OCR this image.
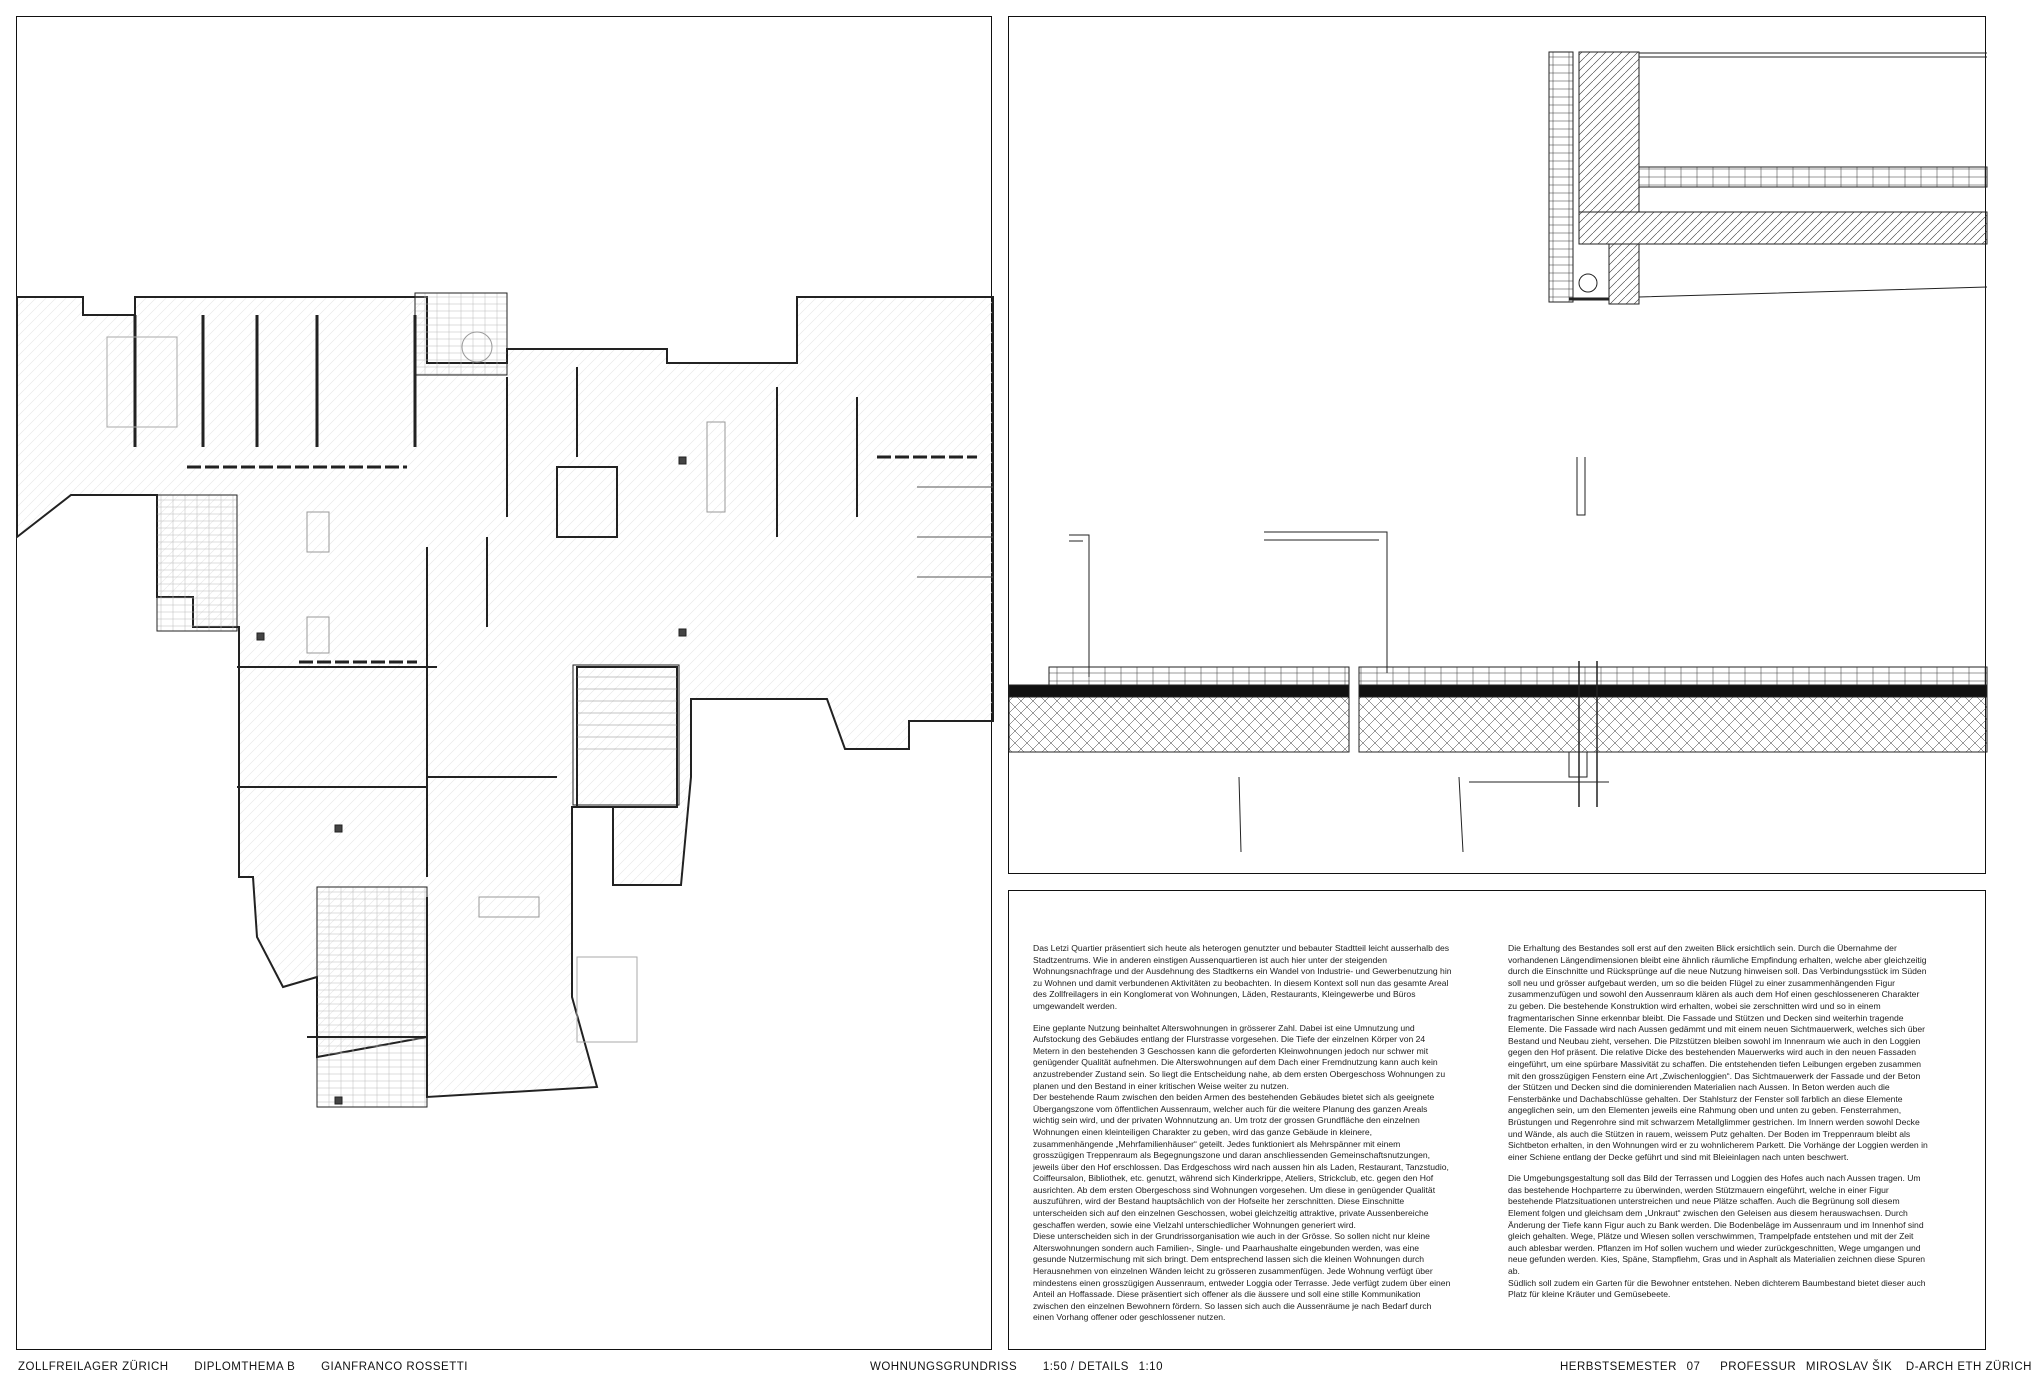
Das Letzi Quartier präsentiert sich heute als heterogen genutzter und bebauter Stadtteil leicht ausserhalb des Stadtzentrums. Wie in anderen einstigen Aussenquartieren ist auch hier unter der steigenden Wohnungsnachfrage und der Ausdehnung des Stadtkerns ein Wandel von Industrie- und Gewerbenutzung hin zu Wohnen und damit verbundenen Aktivitäten zu beobachten. In diesem Kontext soll nun das gesamte Areal des Zollfreilagers in ein Konglomerat von Wohnungen, Läden, Restaurants, Kleingewerbe und Büros umgewandelt werden.

Eine geplante Nutzung beinhaltet Alterswohnungen in grösserer Zahl. Dabei ist eine Umnutzung und Aufstockung des Gebäudes entlang der Flurstrasse vorgesehen. Die Tiefe der einzelnen Körper von 24 Metern in den bestehenden 3 Geschossen kann die geforderten Kleinwohnungen jedoch nur schwer mit genügender Qualität aufnehmen. Die Alterswohnungen auf dem Dach einer Fremdnutzung kann auch kein anzustrebender Zustand sein. So liegt die Entscheidung nahe, ab dem ersten Obergeschoss Wohnungen zu planen und den Bestand in einer kritischen Weise weiter zu nutzen.
Der bestehende Raum zwischen den beiden Armen des bestehenden Gebäudes bietet sich als geeignete Übergangszone vom öffentlichen Aussenraum, welcher auch für die weitere Planung des ganzen Areals wichtig sein wird, und der privaten Wohnnutzung an. Um trotz der grossen Grundfläche den einzelnen Wohnungen einen kleinteiligen Charakter zu geben, wird das ganze Gebäude in kleinere, zusammenhängende „Mehrfamilienhäuser“ geteilt. Jedes funktioniert als Mehrspänner mit einem grosszügigen Treppenraum als Begegnungszone und daran anschliessenden Gemeinschaftsnutzungen, jeweils über den Hof erschlossen. Das Erdgeschoss wird nach aussen hin als Laden, Restaurant, Tanzstudio, Coiffeursalon, Bibliothek, etc. genutzt, während sich Kinderkrippe, Ateliers, Strickclub, etc. gegen den Hof ausrichten. Ab dem ersten Obergeschoss sind Wohnungen vorgesehen. Um diese in genügender Qualität auszuführen, wird der Bestand hauptsächlich von der Hofseite her zerschnitten. Diese Einschnitte unterscheiden sich auf den einzelnen Geschossen, wobei gleichzeitig attraktive, private Aussenbereiche geschaffen werden, sowie eine Vielzahl unterschiedlicher Wohnungen generiert wird.
Diese unterscheiden sich in der Grundrissorganisation wie auch in der Grösse. So sollen nicht nur kleine Alterswohnungen sondern auch Familien-, Single- und Paarhaushalte eingebunden werden, was eine gesunde Nutzermischung mit sich bringt. Dem entsprechend lassen sich die kleinen Wohnungen durch Herausnehmen von einzelnen Wänden leicht zu grösseren zusammenfügen. Jede Wohnung verfügt über mindestens einen grosszügigen Aussenraum, entweder Loggia oder Terrasse. Jede verfügt zudem über einen Anteil an Hoffassade. Diese präsentiert sich offener als die äussere und soll eine stille Kommunikation zwischen den einzelnen Bewohnern fördern. So lassen sich auch die Aussenräume je nach Bedarf durch einen Vorhang offener oder geschlossener nutzen.

Die Erhaltung des Bestandes soll erst auf den zweiten Blick ersichtlich sein. Durch die Übernahme der vorhandenen Längendimensionen bleibt eine ähnlich räumliche Empfindung erhalten, welche aber gleichzeitig durch die Einschnitte und Rücksprünge auf die neue Nutzung hinweisen soll. Das Verbindungsstück im Süden soll neu und grösser aufgebaut werden, um so die beiden Flügel zu einer zusammenhängenden Figur zusammenzufügen und sowohl den Aussenraum klären als auch dem Hof einen geschlosseneren Charakter zu geben. Die bestehende Konstruktion wird erhalten, wobei sie zerschnitten wird und so in einem fragmentarischen Sinne erkennbar bleibt. Die Fassade und Stützen und Decken sind weiterhin tragende Elemente. Die Fassade wird nach Aussen gedämmt und mit einem neuen Sichtmauerwerk, welches sich über Bestand und Neubau zieht, versehen. Die Pilzstützen bleiben sowohl im Innenraum wie auch in den Loggien gegen den Hof präsent. Die relative Dicke des bestehenden Mauerwerks wird auch in den neuen Fassaden eingeführt, um eine spürbare Massivität zu schaffen. Die entstehenden tiefen Leibungen ergeben zusammen mit den grosszügigen Fenstern eine Art „Zwischenloggien“. Das Sichtmauerwerk der Fassade und der Beton der Stützen und Decken sind die dominierenden Materialien nach Aussen. In Beton werden auch die Fensterbänke und Dachabschlüsse gehalten. Der Stahlsturz der Fenster soll farblich an diese Elemente angeglichen sein, um den Elementen jeweils eine Rahmung oben und unten zu geben. Fensterrahmen, Brüstungen und Regenrohre sind mit schwarzem Metallglimmer gestrichen. Im Innern werden sowohl Decke und Wände, als auch die Stützen in rauem, weissem Putz gehalten. Der Boden im Treppenraum bleibt als Sichtbeton erhalten, in den Wohnungen wird er zu wohnlicherem Parkett. Die Vorhänge der Loggien werden in einer Schiene entlang der Decke geführt und sind mit Bleieinlagen nach unten beschwert.

Die Umgebungsgestaltung soll das Bild der Terrassen und Loggien des Hofes auch nach Aussen tragen. Um das bestehende Hochparterre zu überwinden, werden Stützmauern eingeführt, welche in einer Figur bestehende Platzsituationen unterstreichen und neue Plätze schaffen. Auch die Begrünung soll diesem Element folgen und gleichsam dem „Unkraut“ zwischen den Geleisen aus diesem herauswachsen. Durch Änderung der Tiefe kann Figur auch zu Bank werden. Die Bodenbeläge im Aussenraum und im Innenhof sind gleich gehalten. Wege, Plätze und Wiesen sollen verschwimmen, Trampelpfade entstehen und mit der Zeit auch ablesbar werden. Pflanzen im Hof sollen wuchern und wieder zurückgeschnitten, Wege umgangen und neue gefunden werden. Kies, Späne, Stampflehm, Gras und in Asphalt als Materialien zeichnen diese Spuren ab.
Südlich soll zudem ein Garten für die Bewohner entstehen. Neben dichterem Baumbestand bietet dieser auch Platz für kleine Kräuter und Gemüsebeete.

ZOLLFREILAGER ZÜRICH DIPLOMTHEMA B GIANFRANCO ROSSETTI	WOHNUNGSGRUNDRISS 1:50 / DETAILS 1:10	HERBSTSEMESTER 07 PROFESSUR MIROSLAV ŠIK D-ARCH ETH ZÜRICH
